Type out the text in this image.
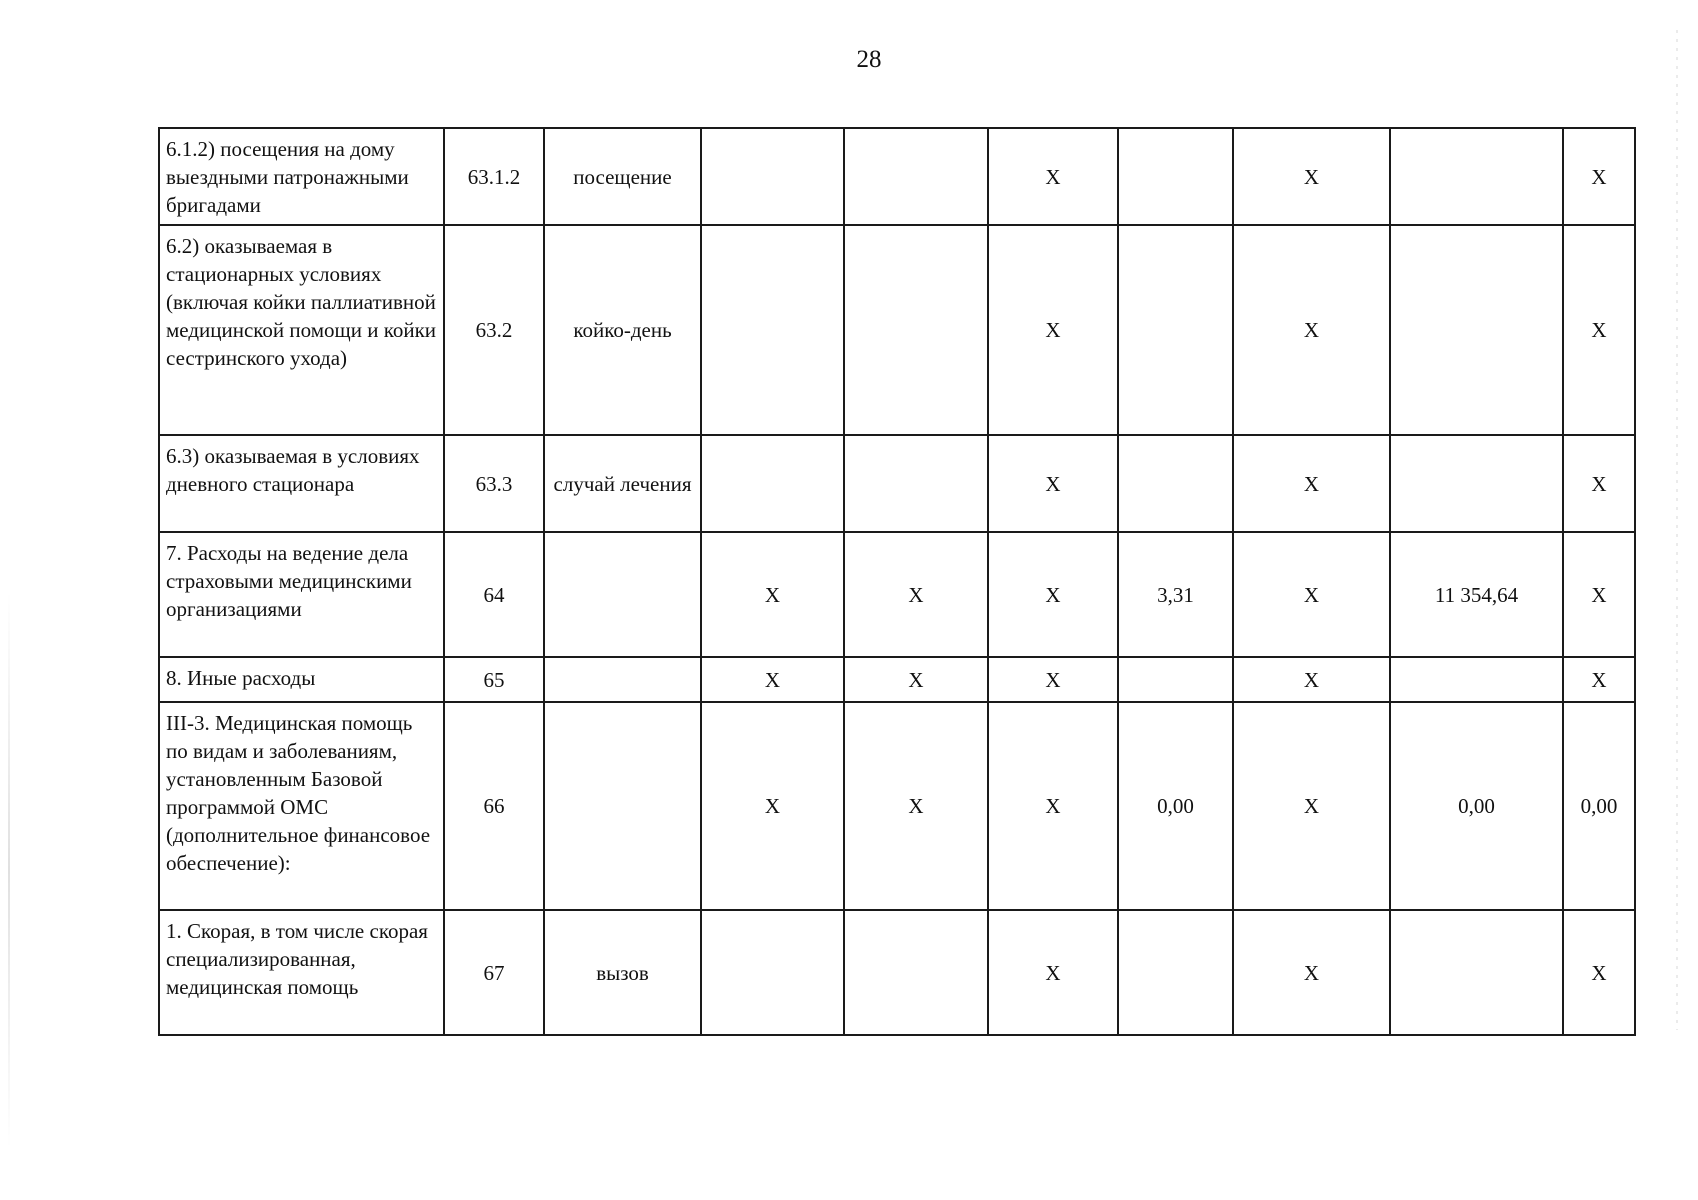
28
6.1.2) посещения на дому выездными патронажными бригадами	63.1.2	посещение			Х		Х		Х
6.2) оказываемая в стационарных условиях (включая койки паллиативной медицинской помощи и койки сестринского ухода)	63.2	койко-день			Х		Х		Х
6.3) оказываемая в условиях дневного стационара	63.3	случай лечения			Х		Х		Х
7. Расходы на ведение дела страховыми медицинскими организациями	64		Х	Х	Х	3,31	Х	11 354,64	Х
8. Иные расходы	65		Х	Х	Х		Х		Х
III-3. Медицинская помощь по видам и заболеваниям, установленным Базовой программой ОМС (дополнительное финансовое обеспечение):	66		Х	Х	Х	0,00	Х	0,00	0,00
1. Скорая, в том числе скорая специализированная, медицинская помощь	67	вызов			Х		Х		Х
